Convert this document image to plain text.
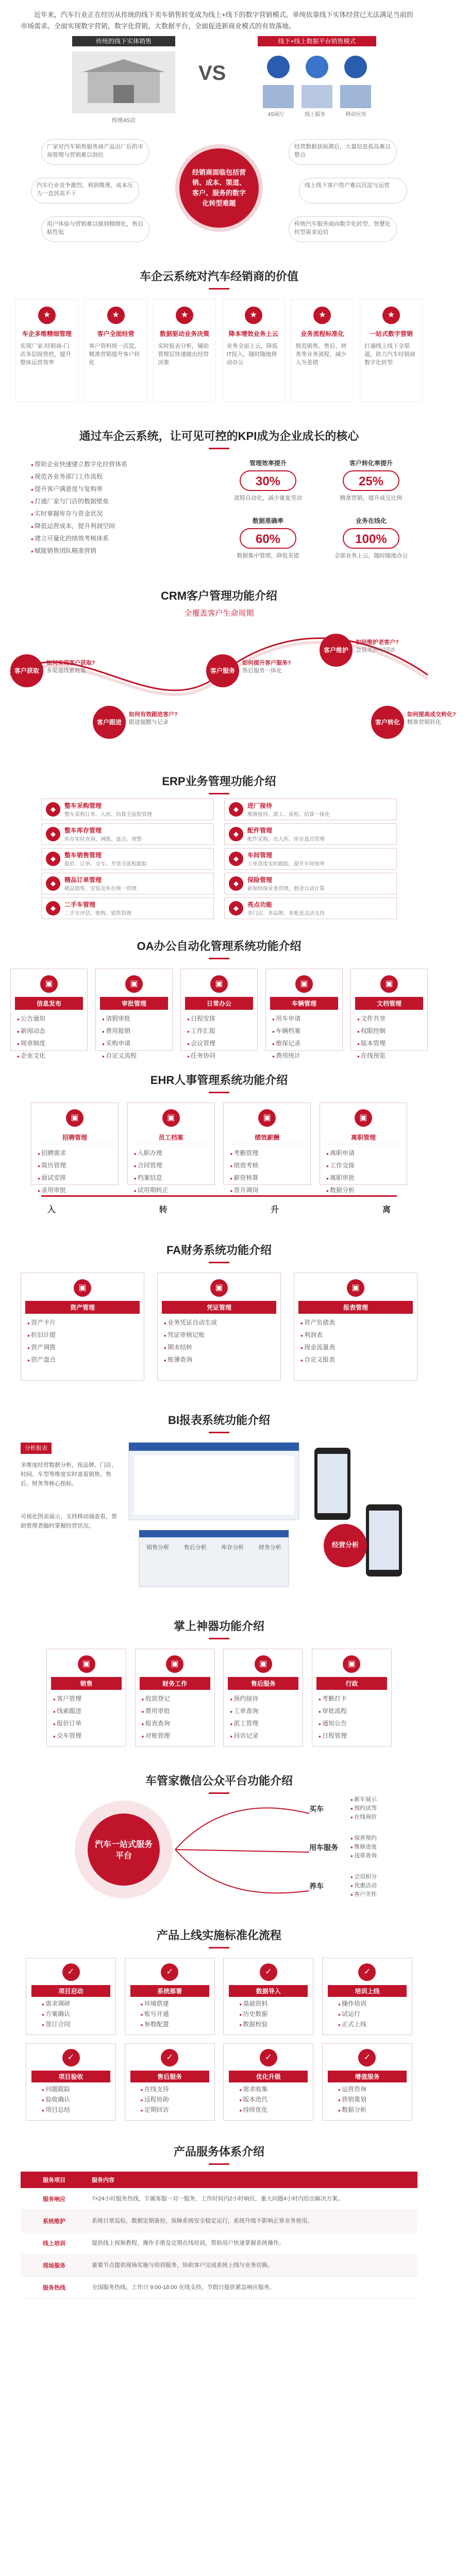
近年来，汽车行业正在经历从传统的线下卖车销售转变成为线上+线下的数字营销模式，单纯依靠线下实体经营已无法满足当前的市场需求。全面实现数字营销，数字化营销，大数据平台，全面促进新商业模式的有效落地。

传统的线下实体销售	线下+线上数据平台销售模式
传统4S店
VS
4S展厅	线上服务	移动应用
经销商面临包括营销、成本、渠道、客户、服务的数字化转型难题
厂家对汽车销售服务商产品出厂后的市场管理与营销难以到位
汽车行业竞争激烈，利润微薄，成本压力一直居高不下
用户体验与营销难以做到精细化，售后粘性低
经营数据获取滞后，大量信息孤岛难以整合
线上线下客户资产难以沉淀与运营
传统汽车服务商向数字化转型、智慧化转型需求迫切
车企云系统对汽车经销商的价值
★
车企多维精细管理
实现厂家-经销商-门店多层级管控，提升整体运营效率
★
客户全面经营
客户资料统一沉淀，精准营销提升客户转化
★
数据驱动业务决策
实时报表分析，辅助管理层快速做出经营决策
★
降本增效业务上云
业务全面上云，降低IT投入，随时随地移动办公
★
业务流程标准化
规范销售、售后、财务等业务流程，减少人为差错
★
一站式数字营销
打通线上线下全渠道，助力汽车经销商数字化转型
通过车企云系统，让可见可控的KPI成为企业成长的核心
● 帮助企业快速建立数字化经营体系
● 规范各业务部门工作流程
● 提升客户满意度与复购率
● 打通厂家与门店的数据壁垒
● 实时掌握库存与资金状况
● 降低运营成本，提升利润空间
● 建立可量化的绩效考核体系
● 赋能销售团队精准营销
管理效率提升
30%
流程自动化，减少重复劳动
客户转化率提升
25%
精准营销，提升成交比例
数据准确率
60%
数据集中管理，降低差错
业务在线化
100%
全部业务上云，随时随地办公
CRM客户管理功能介绍
全覆盖客户生命周期
客户获取
如何实现客户获取?
多渠道线索收集
客户跟进
如何有效跟进客户?
跟进提醒与记录
客户服务
如何提升客户服务?
售后服务一体化
客户维护
如何维护老客户?
会员关怀与回访
客户转化
如何提高成交转化?
精准营销转化
ERP业务管理功能介绍
◆	整车采购管理
整车采购订单、入库、结算全流程管理
◆	进厂接待
维修接待、派工、质检、结算一体化
◆	整车库存管理
库存实时查询、调拨、盘点、预警
◆	配件管理
配件采购、出入库、库存盘点管理
◆	整车销售管理
报价、订单、交车、开票全流程跟踪
◆	车间管理
工单进度实时跟踪，提升车间效率
◆	精品订单管理
精品销售、安装及库存统一管理
◆	保险管理
新保续保业务管理，佣金自动计算
◆	二手车管理
二手车评估、收购、销售管理
◆	亮点功能
多门店、多品牌、多账套灵活支持
OA办公自动化管理系统功能介绍
▣
信息发布
● 公告通知
● 新闻动态
● 规章制度
● 企业文化
▣
审批管理
● 请假审批
● 费用报销
● 采购申请
● 自定义流程
▣
日常办公
● 日程安排
● 工作汇报
● 会议管理
● 任务协同
▣
车辆管理
● 用车申请
● 车辆档案
● 维保记录
● 费用统计
▣
文档管理
● 文件共享
● 权限控制
● 版本管理
● 在线预览
EHR人事管理系统功能介绍
▣
招聘管理
● 招聘需求
● 简历管理
● 面试安排
● 录用审批
▣
员工档案
● 入职办理
● 合同管理
● 档案信息
● 试用期转正
▣
绩效薪酬
● 考勤管理
● 绩效考核
● 薪资核算
● 晋升调岗
▣
离职管理
● 离职申请
● 工作交接
● 离职审批
● 数据分析
入	转	升	离
FA财务系统功能介绍
▣
资产管理
● 资产卡片
● 折旧计提
● 资产调拨
● 资产盘点
▣
凭证管理
● 业务凭证自动生成
● 凭证审核记账
● 期末结转
● 账簿查询
▣
报表管理
● 资产负债表
● 利润表
● 现金流量表
● 自定义报表
BI报表系统功能介绍
分析报表

多维度经营数据分析，按品牌、门店、时间、车型等维度实时查看销售、售后、财务等核心指标。

可视化图表展示，支持移动端查看，帮助管理者随时掌握经营状况。

经营分析
销售分析	售后分析	库存分析	财务分析
掌上神器功能介绍
▣
销售
● 客户管理
● 线索跟进
● 报价订单
● 交车管理
▣
财务工作
● 收款登记
● 费用审批
● 报表查询
● 对账管理
▣
售后服务
● 预约接待
● 工单查询
● 派工管理
● 回访记录
▣
行政
● 考勤打卡
● 审批流程
● 通知公告
● 日程管理
车管家微信公众平台功能介绍
汽车一站式服务平台
买车
● 新车展示
● 预约试驾
● 在线询价
用车服务
● 保养预约
● 维修进度
● 违章查询
养车
● 会员积分
● 优惠活动
● 客户关怀
产品上线实施标准化流程
✓
项目启动
● 需求调研
● 方案确认
● 签订合同
✓
系统部署
● 环境搭建
● 账号开通
● 参数配置
✓
数据导入
● 基础资料
● 历史数据
● 数据校验
✓
培训上线
● 操作培训
● 试运行
● 正式上线
✓
项目验收
● 问题跟踪
● 验收确认
● 项目总结
✓
售后服务
● 在线支持
● 远程协助
● 定期回访
✓
优化升级
● 需求收集
● 版本迭代
● 持续优化
✓
增值服务
● 运营咨询
● 营销策划
● 数据分析
产品服务体系介绍
服务项目	服务内容
服务响应	7×24小时服务热线，专属客服一对一服务，工作时间内2小时响应，重大问题4小时内给出解决方案。
系统维护	系统日常巡检，数据定期备份，保障系统安全稳定运行，系统升级不影响正常业务使用。
线上培训	提供线上视频教程、操作手册及定期在线培训，帮助用户快速掌握系统操作。
现场服务	重要节点提供现场实施与培训服务，协助客户完成系统上线与业务切换。
服务热线	全国服务热线，工作日 9:00-18:00 在线支持，节假日提供紧急响应服务。
